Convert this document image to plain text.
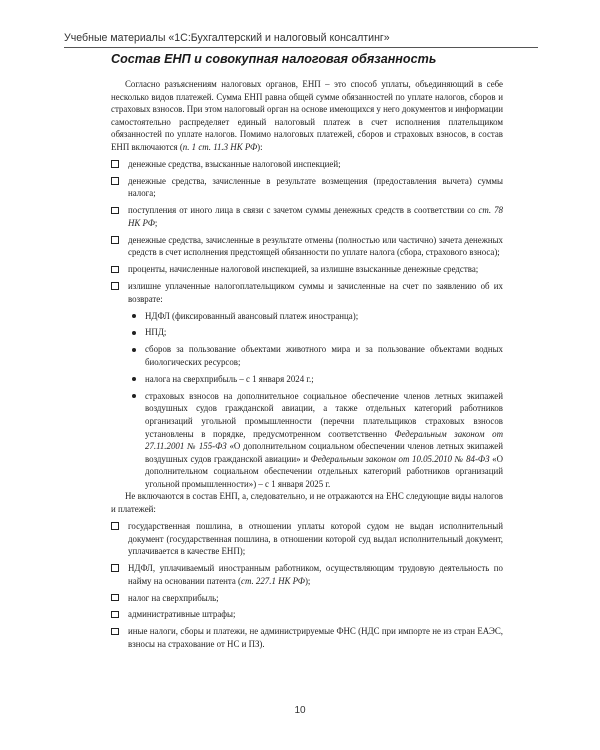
Учебные материалы «1С:Бухгалтерский и налоговый консалтинг»
Состав ЕНП и совокупная налоговая обязанность

Согласно разъяснениям налоговых органов, ЕНП – это способ уплаты, объединяющий в себе несколько видов платежей. Сумма ЕНП равна общей сумме обязанностей по уплате налогов, сборов и страховых взносов. При этом налоговый орган на основе имеющихся у него документов и информации самостоятельно распределяет единый налоговый платеж в счет исполнения плательщиком обязанностей по уплате налогов. Помимо налоговых платежей, сборов и страховых взносов, в состав ЕНП включаются (п. 1 ст. 11.3 НК РФ):

денежные средства, взысканные налоговой инспекцией;
денежные средства, зачисленные в результате возмещения (предоставления вычета) суммы налога;
поступления от иного лица в связи с зачетом суммы денежных средств в соответствии со ст. 78 НК РФ;
денежные средства, зачисленные в результате отмены (полностью или частично) зачета денежных средств в счет исполнения предстоящей обязанности по уплате налога (сбора, страхового взноса);
проценты, начисленные налоговой инспекцией, за излишне взысканные денежные средства;
излишне уплаченные налогоплательщиком суммы и зачисленные на счет по заявлению об их возврате:
НДФЛ (фиксированный авансовый платеж иностранца);
НПД;
сборов за пользование объектами животного мира и за пользование объектами водных биологических ресурсов;
налога на сверхприбыль – с 1 января 2024 г.;
страховых взносов на дополнительное социальное обеспечение членов летных экипажей воздушных судов гражданской авиации, а также отдельных категорий работников организаций угольной промышленности (перечни плательщиков страховых взносов установлены в порядке, предусмотренном соответственно Федеральным законом от 27.11.2001 № 155-ФЗ «О дополнительном социальном обеспечении членов летных экипажей воздушных судов гражданской авиации» и Федеральным законом от 10.05.2010 № 84-ФЗ «О дополнительном социальном обеспечении отдельных категорий работников организаций угольной промышленности») – с 1 января 2025 г.

Не включаются в состав ЕНП, а, следовательно, и не отражаются на ЕНС следующие виды налогов и платежей:

государственная пошлина, в отношении уплаты которой судом не выдан исполнительный документ (государственная пошлина, в отношении которой суд выдал исполнительный документ, уплачивается в качестве ЕНП);
НДФЛ, уплачиваемый иностранным работником, осуществляющим трудовую деятельность по найму на основании патента (ст. 227.1 НК РФ);
налог на сверхприбыль;
административные штрафы;
иные налоги, сборы и платежи, не администрируемые ФНС (НДС при импорте не из стран ЕАЭС, взносы на страхование от НС и ПЗ).
10
